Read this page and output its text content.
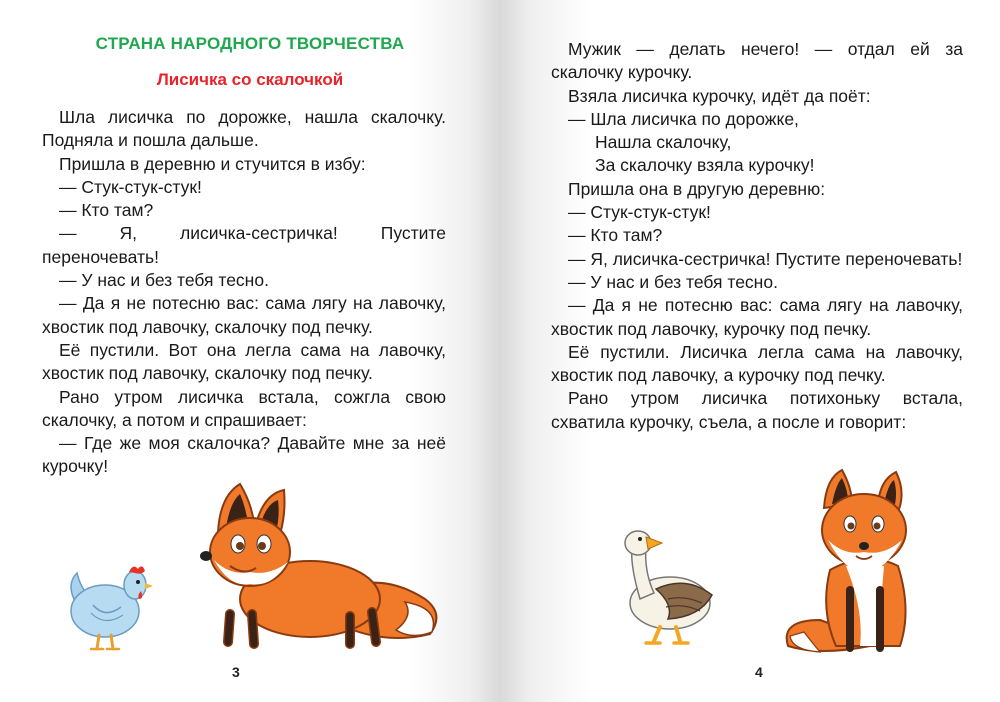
СТРАНА НАРОДНОГО ТВОРЧЕСТВА
Лисичка со скалочкой

Шла лисичка по дорожке, нашла скалочку. Подняла и пошла дальше.

Пришла в деревню и стучится в избу:

— Стук-стук-стук!

— Кто там?

— Я, лисичка-сестричка! Пустите переночевать!

— У нас и без тебя тесно.

— Да я не потесню вас: сама лягу на лавочку, хвостик под лавочку, скалочку под печку.

Её пустили. Вот она легла сама на лавочку, хвостик под лавочку, скалочку под печку.

Рано утром лисичка встала, сожгла свою скалочку, а потом и спрашивает:

— Где же моя скалочка? Давайте мне за неё курочку!

3

Мужик — делать нечего! — отдал ей за скалочку курочку.

Взяла лисичка курочку, идёт да поёт:

— Шла лисичка по дорожке,

Нашла скалочку,

За скалочку взяла курочку!

Пришла она в другую деревню:

— Стук-стук-стук!

— Кто там?

— Я, лисичка-сестричка! Пустите переночевать!

— У нас и без тебя тесно.

— Да я не потесню вас: сама лягу на лавочку, хвостик под лавочку, курочку под печку.

Её пустили. Лисичка легла сама на лавочку, хвостик под лавочку, а курочку под печку.

Рано утром лисичка потихоньку встала, схватила курочку, съела, а после и говорит:

4
